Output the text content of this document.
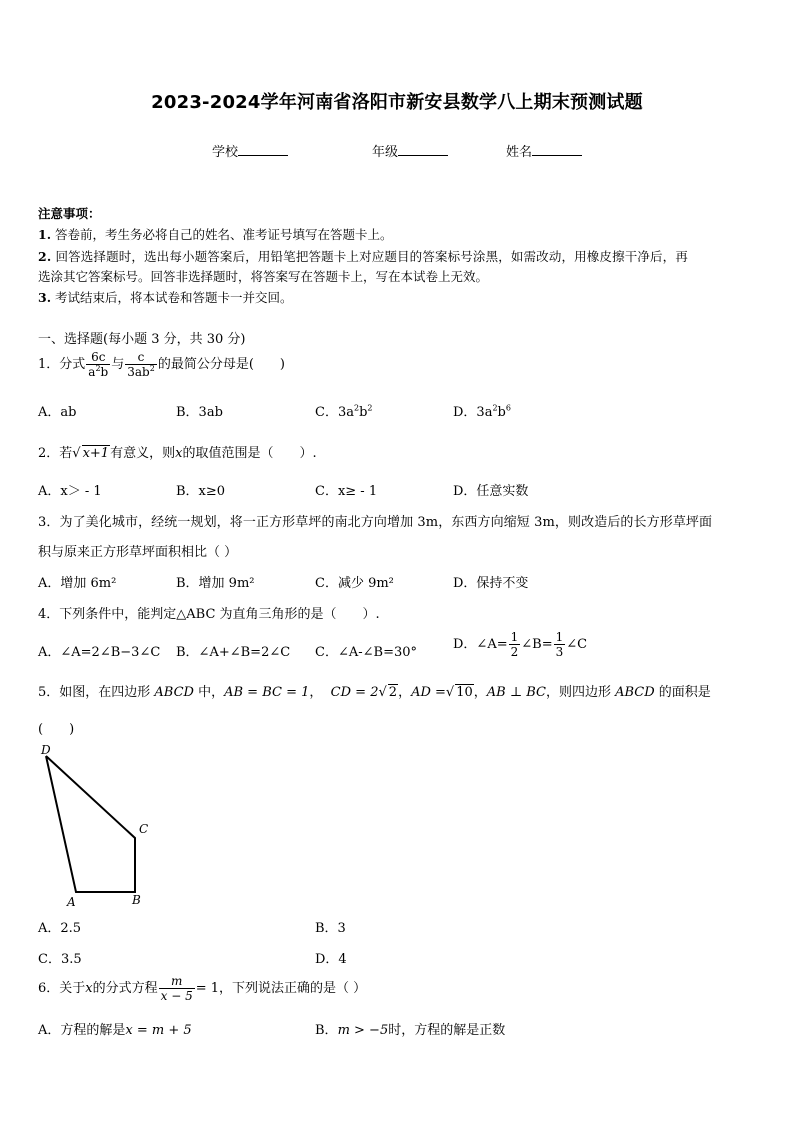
2023-2024学年河南省洛阳市新安县数学八上期末预测试题
学校	年级	姓名
注意事项：
1. 答卷前，考生务必将自己的姓名、准考证号填写在答题卡上。
2. 回答选择题时，选出每小题答案后，用铅笔把答题卡上对应题目的答案标号涂黑，如需改动，用橡皮擦干净后，再
选涂其它答案标号。回答非选择题时，将答案写在答题卡上，写在本试卷上无效。
3. 考试结束后，将本试卷和答题卡一并交回。
一、选择题(每小题 3 分，共 30 分)
1．分式 $\frac{6c}{a^2b}$ 与 $\frac{c}{3ab^2}$ 的最简公分母是(　　)
A．ab	B．3ab	C．$3a^2b^2$	D．$3a^2b^6$
2．若√ x+1有意义，则x的取值范围是（　　）.
A．x＞ - 1	B．x≥0	C．x≥ - 1	D．任意实数
3．为了美化城市，经统一规划，将一正方形草坪的南北方向增加 3m，东西方向缩短 3m，则改造后的长方形草坪面
积与原来正方形草坪面积相比（ ）
A．增加 6m²	B．增加 9m²	C．减少 9m²	D．保持不变
4．下列条件中，能判定△ABC 为直角三角形的是（　　）.
A．∠A=2∠B−3∠C B．∠A+∠B=2∠C C．∠A-∠B=30°
D．∠A= $\frac{1}{2}$ ∠B= $\frac{1}{3}$ ∠C
5．如图，在四边形 ABCD 中，AB = BC = 1， CD = 2√ 2，AD =√ 10，AB ⊥ BC，则四边形 ABCD 的面积是
(　　)
D
C
A	B
A．2.5	B．3
C．3.5	D．4
6．关于x的分式方程 $\frac{m}{x - 5} = 1$，下列说法正确的是（ ）
A．方程的解是x = m + 5	B．m > −5时，方程的解是正数
